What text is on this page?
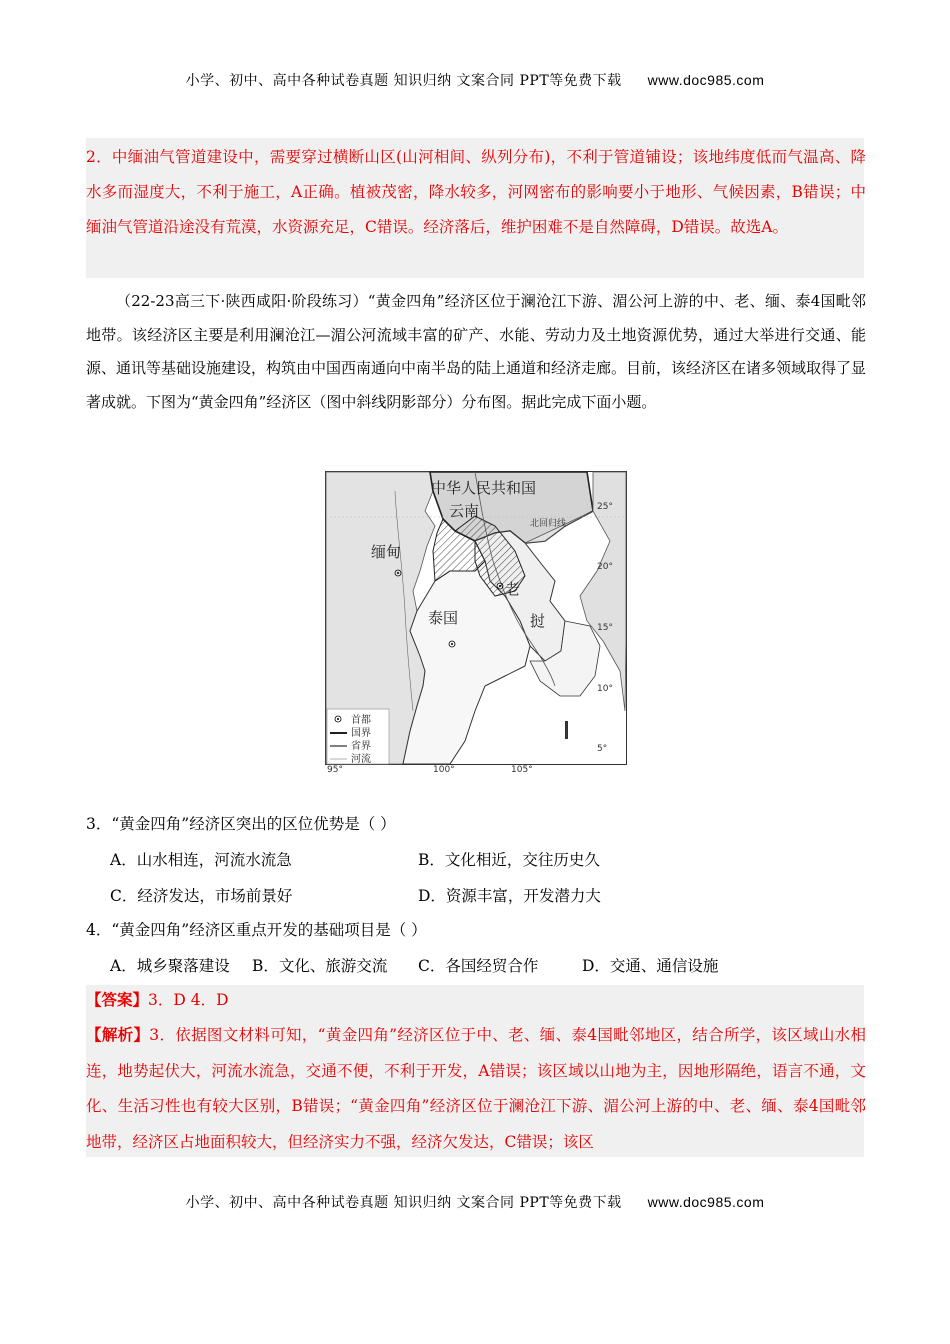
小学、初中、高中各种试卷真题 知识归纳 文案合同 PPT等免费下载 www.doc985.com
2．中缅油气管道建设中，需要穿过横断山区(山河相间、纵列分布)，不利于管道铺设；该地纬度低而气温高、降水多而湿度大，不利于施工，A正确。植被茂密，降水较多，河网密布的影响要小于地形、气候因素，B错误；中缅油气管道沿途没有荒漠，水资源充足，C错误。经济落后，维护困难不是自然障碍，D错误。故选A。
（22-23高三下·陕西咸阳·阶段练习）“黄金四角”经济区位于澜沧江下游、湄公河上游的中、老、缅、泰4国毗邻地带。该经济区主要是利用澜沧江—湄公河流域丰富的矿产、水能、劳动力及土地资源优势，通过大举进行交通、能源、通讯等基础设施建设，构筑由中国西南通向中南半岛的陆上通道和经济走廊。目前，该经济区在诸多领域取得了显著成就。下图为“黄金四角”经济区（图中斜线阴影部分）分布图。据此完成下面小题。
中华人民共和国
云南
北回归线
缅甸
泰国
老
挝
25°
20°
15°
10°
5°
首都
国界
省界
河流
95°	100°	105°
3．“黄金四角”经济区突出的区位优势是（ ）
A．山水相连，河流水流急	B．文化相近，交往历史久
C．经济发达，市场前景好	D．资源丰富，开发潜力大
4．“黄金四角”经济区重点开发的基础项目是（ ）
A．城乡聚落建设 B．文化、旅游交流 C．各国经贸合作	D．交通、通信设施
【答案】3．D 4．D
【解析】3．依据图文材料可知，“黄金四角”经济区位于中、老、缅、泰4国毗邻地区，结合所学，该区域山水相连，地势起伏大，河流水流急，交通不便，不利于开发，A错误；该区域以山地为主，因地形隔绝，语言不通，文化、生活习性也有较大区别，B错误；“黄金四角”经济区位于澜沧江下游、湄公河上游的中、老、缅、泰4国毗邻地带，经济区占地面积较大，但经济实力不强，经济欠发达，C错误；该区
小学、初中、高中各种试卷真题 知识归纳 文案合同 PPT等免费下载 www.doc985.com
